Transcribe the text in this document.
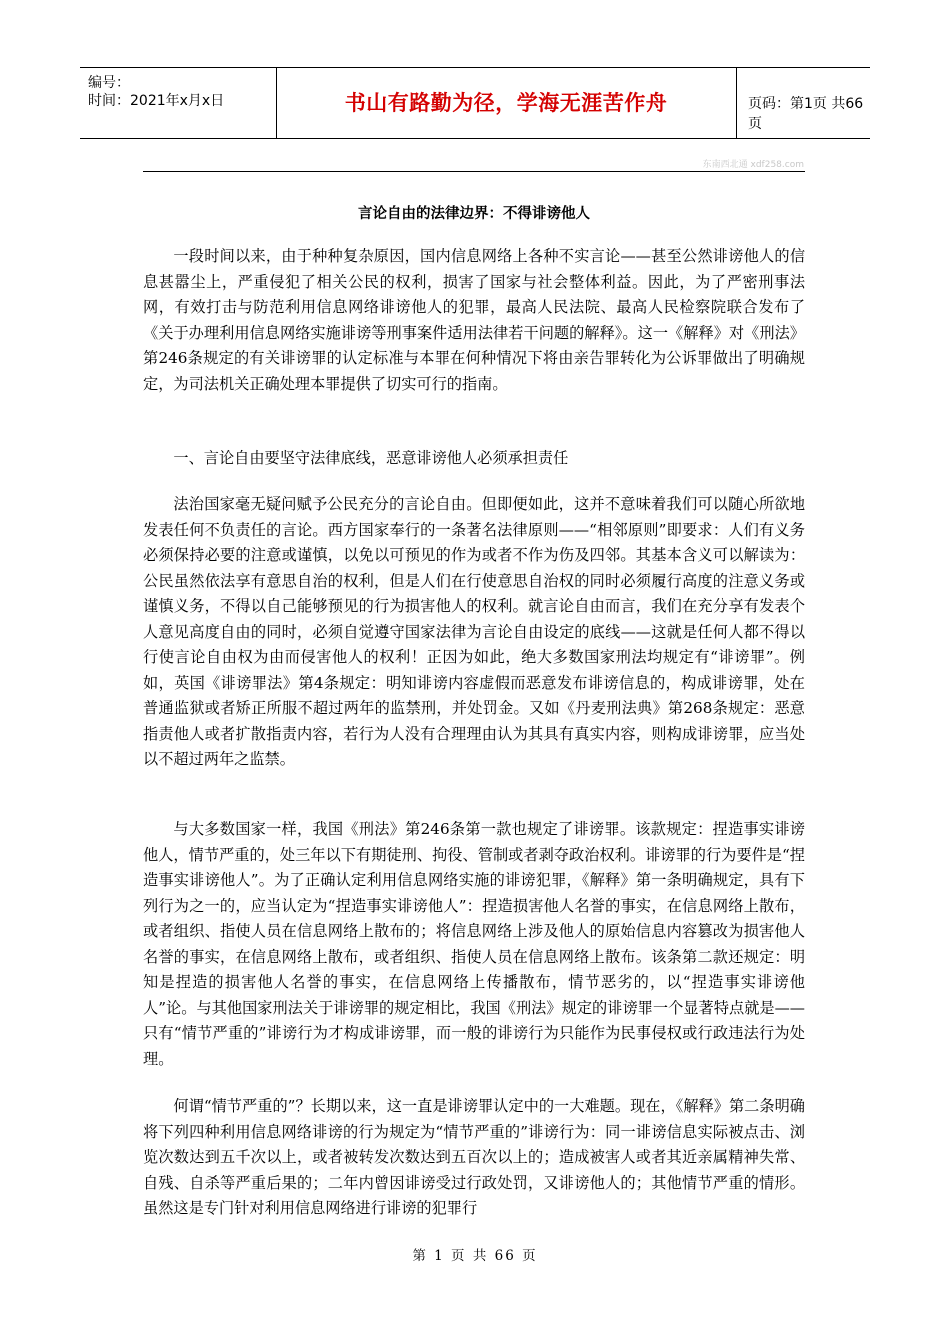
编号：
时间：2021年x月x日	书山有路勤为径，学海无涯苦作舟	页码：第1页 共66页
东南西北通 xdf258.com
言论自由的法律边界：不得诽谤他人

一段时间以来，由于种种复杂原因，国内信息网络上各种不实言论——甚至公然诽谤他人的信息甚嚣尘上，严重侵犯了相关公民的权利，损害了国家与社会整体利益。因此，为了严密刑事法网，有效打击与防范利用信息网络诽谤他人的犯罪，最高人民法院、最高人民检察院联合发布了《关于办理利用信息网络实施诽谤等刑事案件适用法律若干问题的解释》。这一《解释》对《刑法》第246条规定的有关诽谤罪的认定标准与本罪在何种情况下将由亲告罪转化为公诉罪做出了明确规定，为司法机关正确处理本罪提供了切实可行的指南。

一、言论自由要坚守法律底线，恶意诽谤他人必须承担责任

法治国家毫无疑问赋予公民充分的言论自由。但即便如此，这并不意味着我们可以随心所欲地发表任何不负责任的言论。西方国家奉行的一条著名法律原则——“相邻原则”即要求：人们有义务必须保持必要的注意或谨慎，以免以可预见的作为或者不作为伤及四邻。其基本含义可以解读为：公民虽然依法享有意思自治的权利，但是人们在行使意思自治权的同时必须履行高度的注意义务或谨慎义务，不得以自己能够预见的行为损害他人的权利。就言论自由而言，我们在充分享有发表个人意见高度自由的同时，必须自觉遵守国家法律为言论自由设定的底线——这就是任何人都不得以行使言论自由权为由而侵害他人的权利！正因为如此，绝大多数国家刑法均规定有“诽谤罪”。例如，英国《诽谤罪法》第4条规定：明知诽谤内容虚假而恶意发布诽谤信息的，构成诽谤罪，处在普通监狱或者矫正所服不超过两年的监禁刑，并处罚金。又如《丹麦刑法典》第268条规定：恶意指责他人或者扩散指责内容，若行为人没有合理理由认为其具有真实内容，则构成诽谤罪，应当处以不超过两年之监禁。

与大多数国家一样，我国《刑法》第246条第一款也规定了诽谤罪。该款规定：捏造事实诽谤他人，情节严重的，处三年以下有期徒刑、拘役、管制或者剥夺政治权利。诽谤罪的行为要件是“捏造事实诽谤他人”。为了正确认定利用信息网络实施的诽谤犯罪，《解释》第一条明确规定，具有下列行为之一的，应当认定为“捏造事实诽谤他人”：捏造损害他人名誉的事实，在信息网络上散布，或者组织、指使人员在信息网络上散布的；将信息网络上涉及他人的原始信息内容篡改为损害他人名誉的事实，在信息网络上散布，或者组织、指使人员在信息网络上散布。该条第二款还规定：明知是捏造的损害他人名誉的事实，在信息网络上传播散布，情节恶劣的，以“捏造事实诽谤他人”论。与其他国家刑法关于诽谤罪的规定相比，我国《刑法》规定的诽谤罪一个显著特点就是——只有“情节严重的”诽谤行为才构成诽谤罪，而一般的诽谤行为只能作为民事侵权或行政违法行为处理。

何谓“情节严重的”？长期以来，这一直是诽谤罪认定中的一大难题。现在，《解释》第二条明确将下列四种利用信息网络诽谤的行为规定为“情节严重的”诽谤行为：同一诽谤信息实际被点击、浏览次数达到五千次以上，或者被转发次数达到五百次以上的；造成被害人或者其近亲属精神失常、自残、自杀等严重后果的；二年内曾因诽谤受过行政处罚，又诽谤他人的；其他情节严重的情形。虽然这是专门针对利用信息网络进行诽谤的犯罪行

第 1 页 共 66 页
